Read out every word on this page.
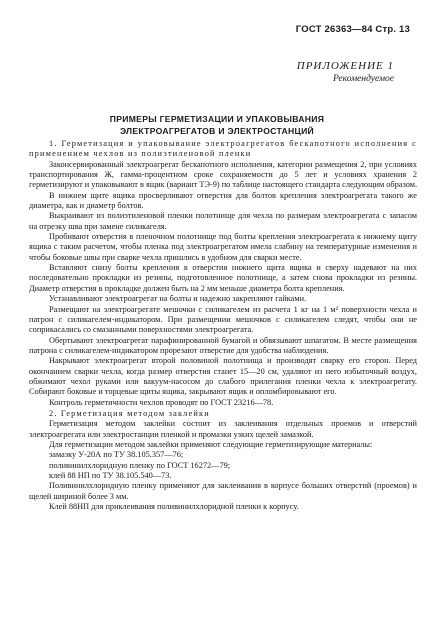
ГОСТ 26363—84 Стр. 13
ПРИЛОЖЕНИЕ 1
Рекомендуемое
ПРИМЕРЫ ГЕРМЕТИЗАЦИИ И УПАКОВЫВАНИЯ
ЭЛЕКТРОАГРЕГАТОВ И ЭЛЕКТРОСТАНЦИЙ

1. Герметизация и упаковывание электроагрегатов бескапотного исполнения с применением чехлов из полиэтиленовой пленки

Законсервированный электроагрегат бескапотного исполнения, категории размещения 2, при условиях транспортирования Ж, гамма-процентном сроке сохраняемости до 5 лет и условиях хранения 2 герметизируют и упаковывают в ящик (вариант ТЭ-9) по таблице настоящего стандарта следующим образом.

В нижнем щите ящика просверливают отверстия для болтов крепления электроагрегата такого же диаметра, как и диаметр болтов.

Выкраивают из полиэтиленовой пленки полотнище для чехла по размерам электроагрегата с запасом на отрезку шва при замене силикагеля.

Пробивают отверстия в пленочном полотнище под болты крепления электроагрегата к нижнему щиту ящика с таким расчетом, чтобы пленка под электроагрегатом имела слабину на температурные изменения и чтобы боковые швы при сварке чехла пришлись в удобном для сварки месте.

Вставляют снизу болты крепления в отверстия нижнего щита ящика и сверху надевают на них последовательно прокладки из резины, подготовленное полотнище, а затем снова прокладки из резины. Диаметр отверстия в прокладке должен быть на 2 мм меньше диаметра болта крепления.

Устанавливают электроагрегат на болты и надежно закрепляют гайками.

Размещают на электроагрегате мешочки с силикагелем из расчета 1 кг на 1 м² поверхности чехла и патрон с силикагелем-индикатором. При размещении мешочков с силикагелем следят, чтобы они не соприкасались со смазанными поверхностями электроагрегата.

Обертывают электроагрегат парафинированной бумагой и обвязывают шпагатом. В месте размещения патрона с силикагелем-индикатором прорезают отверстие для удобства наблюдения.

Накрывают электроагрегат второй половиной полотнища и производят сварку его сторон. Перед окончанием сварки чехла, когда размер отверстия станет 15—20 см, удаляют из него избыточный воздух, обжимают чехол руками или вакуум-насосом до слабого прилегания пленки чехла к электроагрегату. Собирают боковые и торцевые щиты ящика, закрывают ящик и опломбировывают его.

Контроль герметичности чехлов проводят по ГОСТ 23216—78.

2. Герметизация методом заклейки

Герметизация методом заклейки состоит из заклеивания отдельных проемов и отверстий электроагрегата или электростанции пленкой и промазки узких щелей замазкой.

Для герметизации методом заклейки применяют следующие герметизирующие материалы:

замазку У-20А по ТУ 38.105.357—76;

поливинилхлоридную пленку по ГОСТ 16272—79;

клей 88 НП по ТУ 38.105.540—73.

Поливинилхлоридную пленку применяют для заклеивания в корпусе больших отверстий (проемов) и щелей шириной более 3 мм.

Клей 88НП для приклеивания поливинилхлоридной пленки к корпусу.
